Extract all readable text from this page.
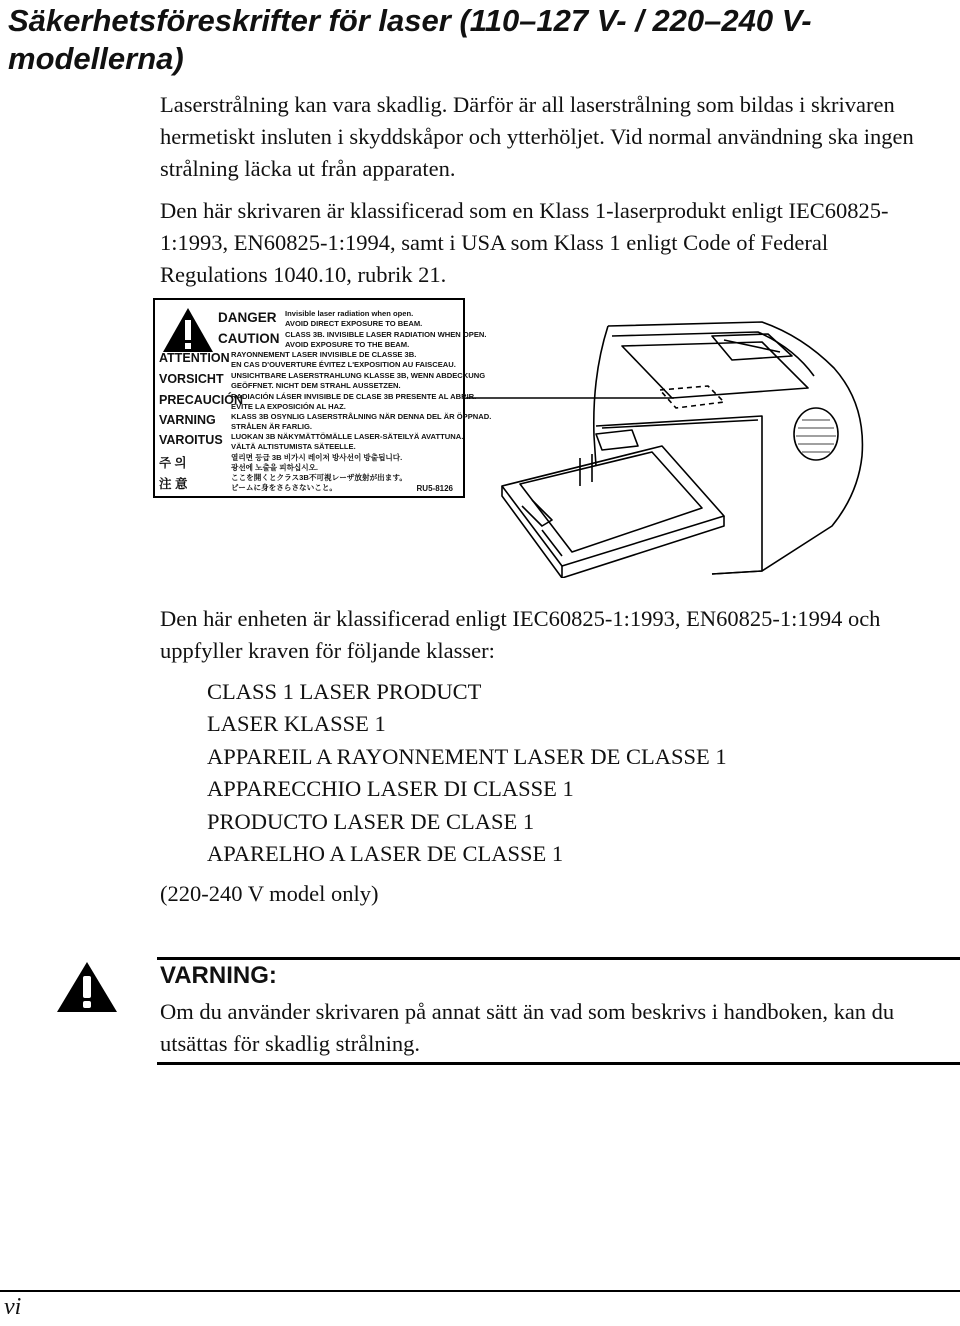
Säkerhetsföreskrifter för laser (110–127 V- / 220–240 V-modellerna)

Laserstrålning kan vara skadlig. Därför är all laserstrålning som bildas i skrivaren hermetiskt insluten i skyddskåpor och ytterhöljet. Vid normal användning ska ingen strålning läcka ut från apparaten.

Den här skrivaren är klassificerad som en Klass 1-laserprodukt enligt IEC60825-1:1993, EN60825-1:1994, samt i USA som Klass 1 enligt Code of Federal Regulations 1040.10, rubrik 21.

DANGER Invisible laser radiation when open.
AVOID DIRECT EXPOSURE TO BEAM.
CAUTION CLASS 3B. INVISIBLE LASER RADIATION WHEN OPEN.
AVOID EXPOSURE TO THE BEAM.
ATTENTION RAYONNEMENT LASER INVISIBLE DE CLASSE 3B.
EN CAS D'OUVERTURE ÉVITEZ L'EXPOSITION AU FAISCEAU.
VORSICHT UNSICHTBARE LASERSTRAHLUNG KLASSE 3B, WENN ABDECKUNG
GEÖFFNET. NICHT DEM STRAHL AUSSETZEN.
PRECAUCIÓN
RADIACIÓN LÁSER INVISIBLE DE CLASE 3B PRESENTE AL ABRIR.
EVITE LA EXPOSICIÓN AL HAZ.
VARNING KLASS 3B OSYNLIG LASERSTRÅLNING NÄR DENNA DEL ÄR ÖPPNAD.
STRÅLEN ÄR FARLIG.
VAROITUS LUOKAN 3B NÄKYMÄTTÖMÄLLE LASER-SÄTEILYÄ AVATTUNA.
VÄLTÄ ALTISTUMISTA SÄTEELLE.
주 의	열리면 등급 3B 비가시 레이저 방사선이 방출됩니다.
광선에 노출을 피하십시오.
注 意	ここを開くとクラス3B不可視レーザ放射が出ます。
ビームに身をさらさないこと。	RU5-8126

Den här enheten är klassificerad enligt IEC60825-1:1993, EN60825-1:1994 och uppfyller kraven för följande klasser:

CLASS 1 LASER PRODUCT
LASER KLASSE 1
APPAREIL A RAYONNEMENT LASER DE CLASSE 1
APPARECCHIO LASER DI CLASSE 1
PRODUCTO LASER DE CLASE 1
APARELHO A LASER DE CLASSE 1

(220-240 V model only)

VARNING:

Om du använder skrivaren på annat sätt än vad som beskrivs i handboken, kan du utsättas för skadlig strålning.

vi
